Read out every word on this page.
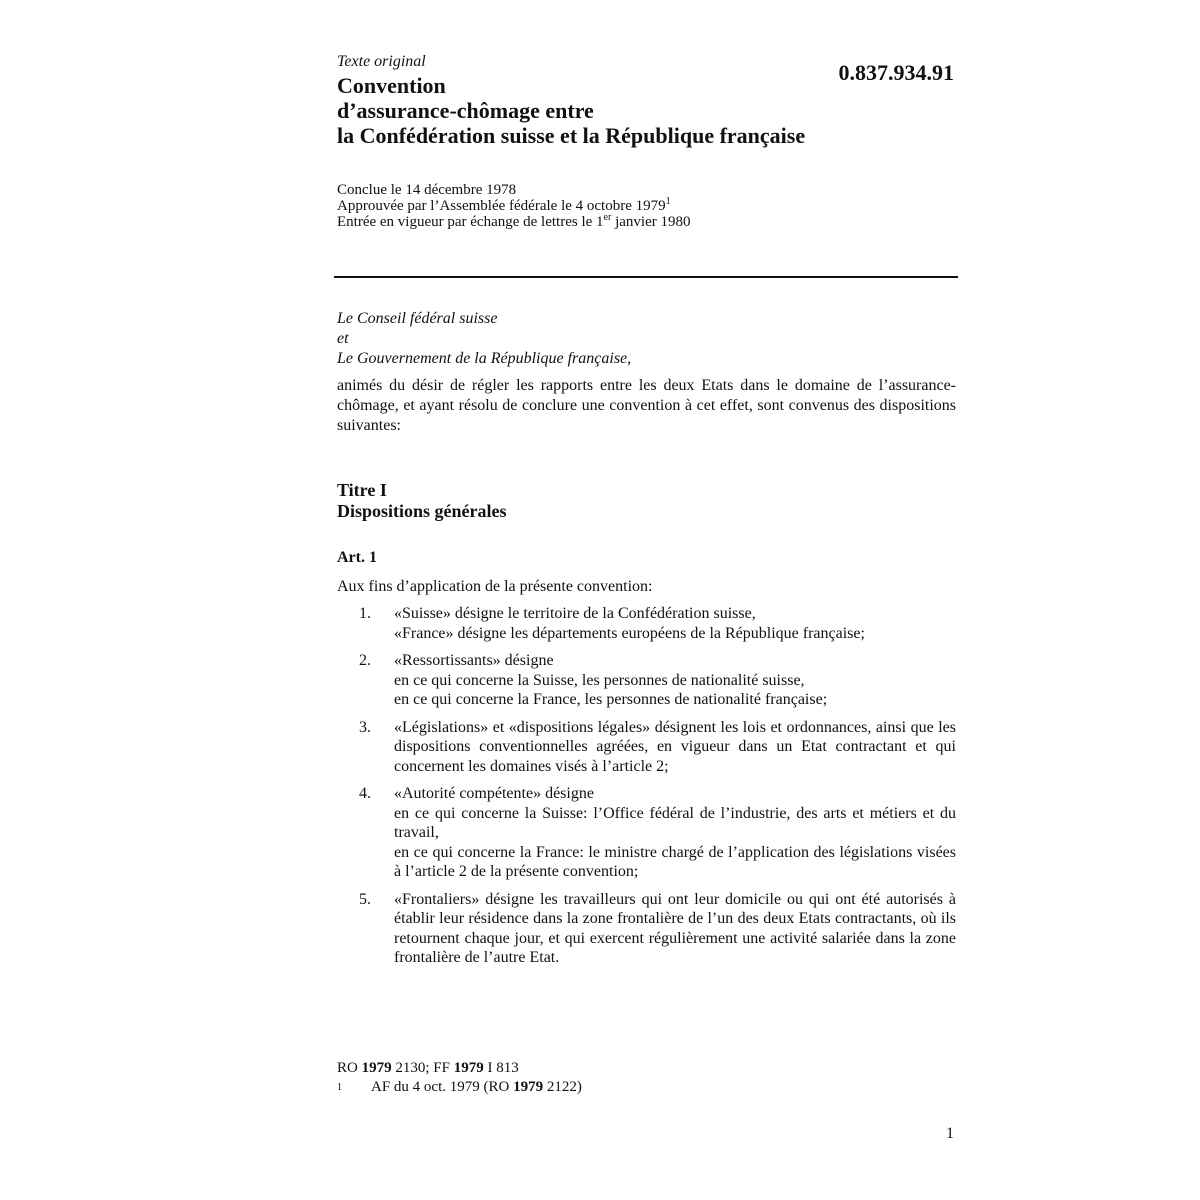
Texte original	0.837.934.91
Convention
d’assurance-chômage entre
la Confédération suisse et la République française
Conclue le 14 décembre 1978
Approuvée par l’Assemblée fédérale le 4 octobre 1979$^1$
Entrée en vigueur par échange de lettres le 1er janvier 1980
Le Conseil fédéral suisse
et
Le Gouvernement de la République française,
animés du désir de régler les rapports entre les deux Etats dans le domaine de l’assurance-chômage, et ayant résolu de conclure une convention à cet effet, sont convenus des dispositions suivantes:
Titre I
Dispositions générales
Art. 1
Aux fins d’application de la présente convention:
1. «Suisse» désigne le territoire de la Confédération suisse,
«France» désigne les départements européens de la République française;
2. «Ressortissants» désigne
en ce qui concerne la Suisse, les personnes de nationalité suisse,
en ce qui concerne la France, les personnes de nationalité française;
3. «Législations» et «dispositions légales» désignent les lois et ordonnances, ainsi que les dispositions conventionnelles agréées, en vigueur dans un Etat contractant et qui concernent les domaines visés à l’article 2;
4. «Autorité compétente» désigne
en ce qui concerne la Suisse: l’Office fédéral de l’industrie, des arts et métiers et du travail,
en ce qui concerne la France: le ministre chargé de l’application des législations visées à l’article 2 de la présente convention;
5. «Frontaliers» désigne les travailleurs qui ont leur domicile ou qui ont été autorisés à établir leur résidence dans la zone frontalière de l’un des deux Etats contractants, où ils retournent chaque jour, et qui exercent régulièrement une activité salariée dans la zone frontalière de l’autre Etat.
RO 1979 2130; FF 1979 I 813
1 AF du 4 oct. 1979 (RO 1979 2122)
1
